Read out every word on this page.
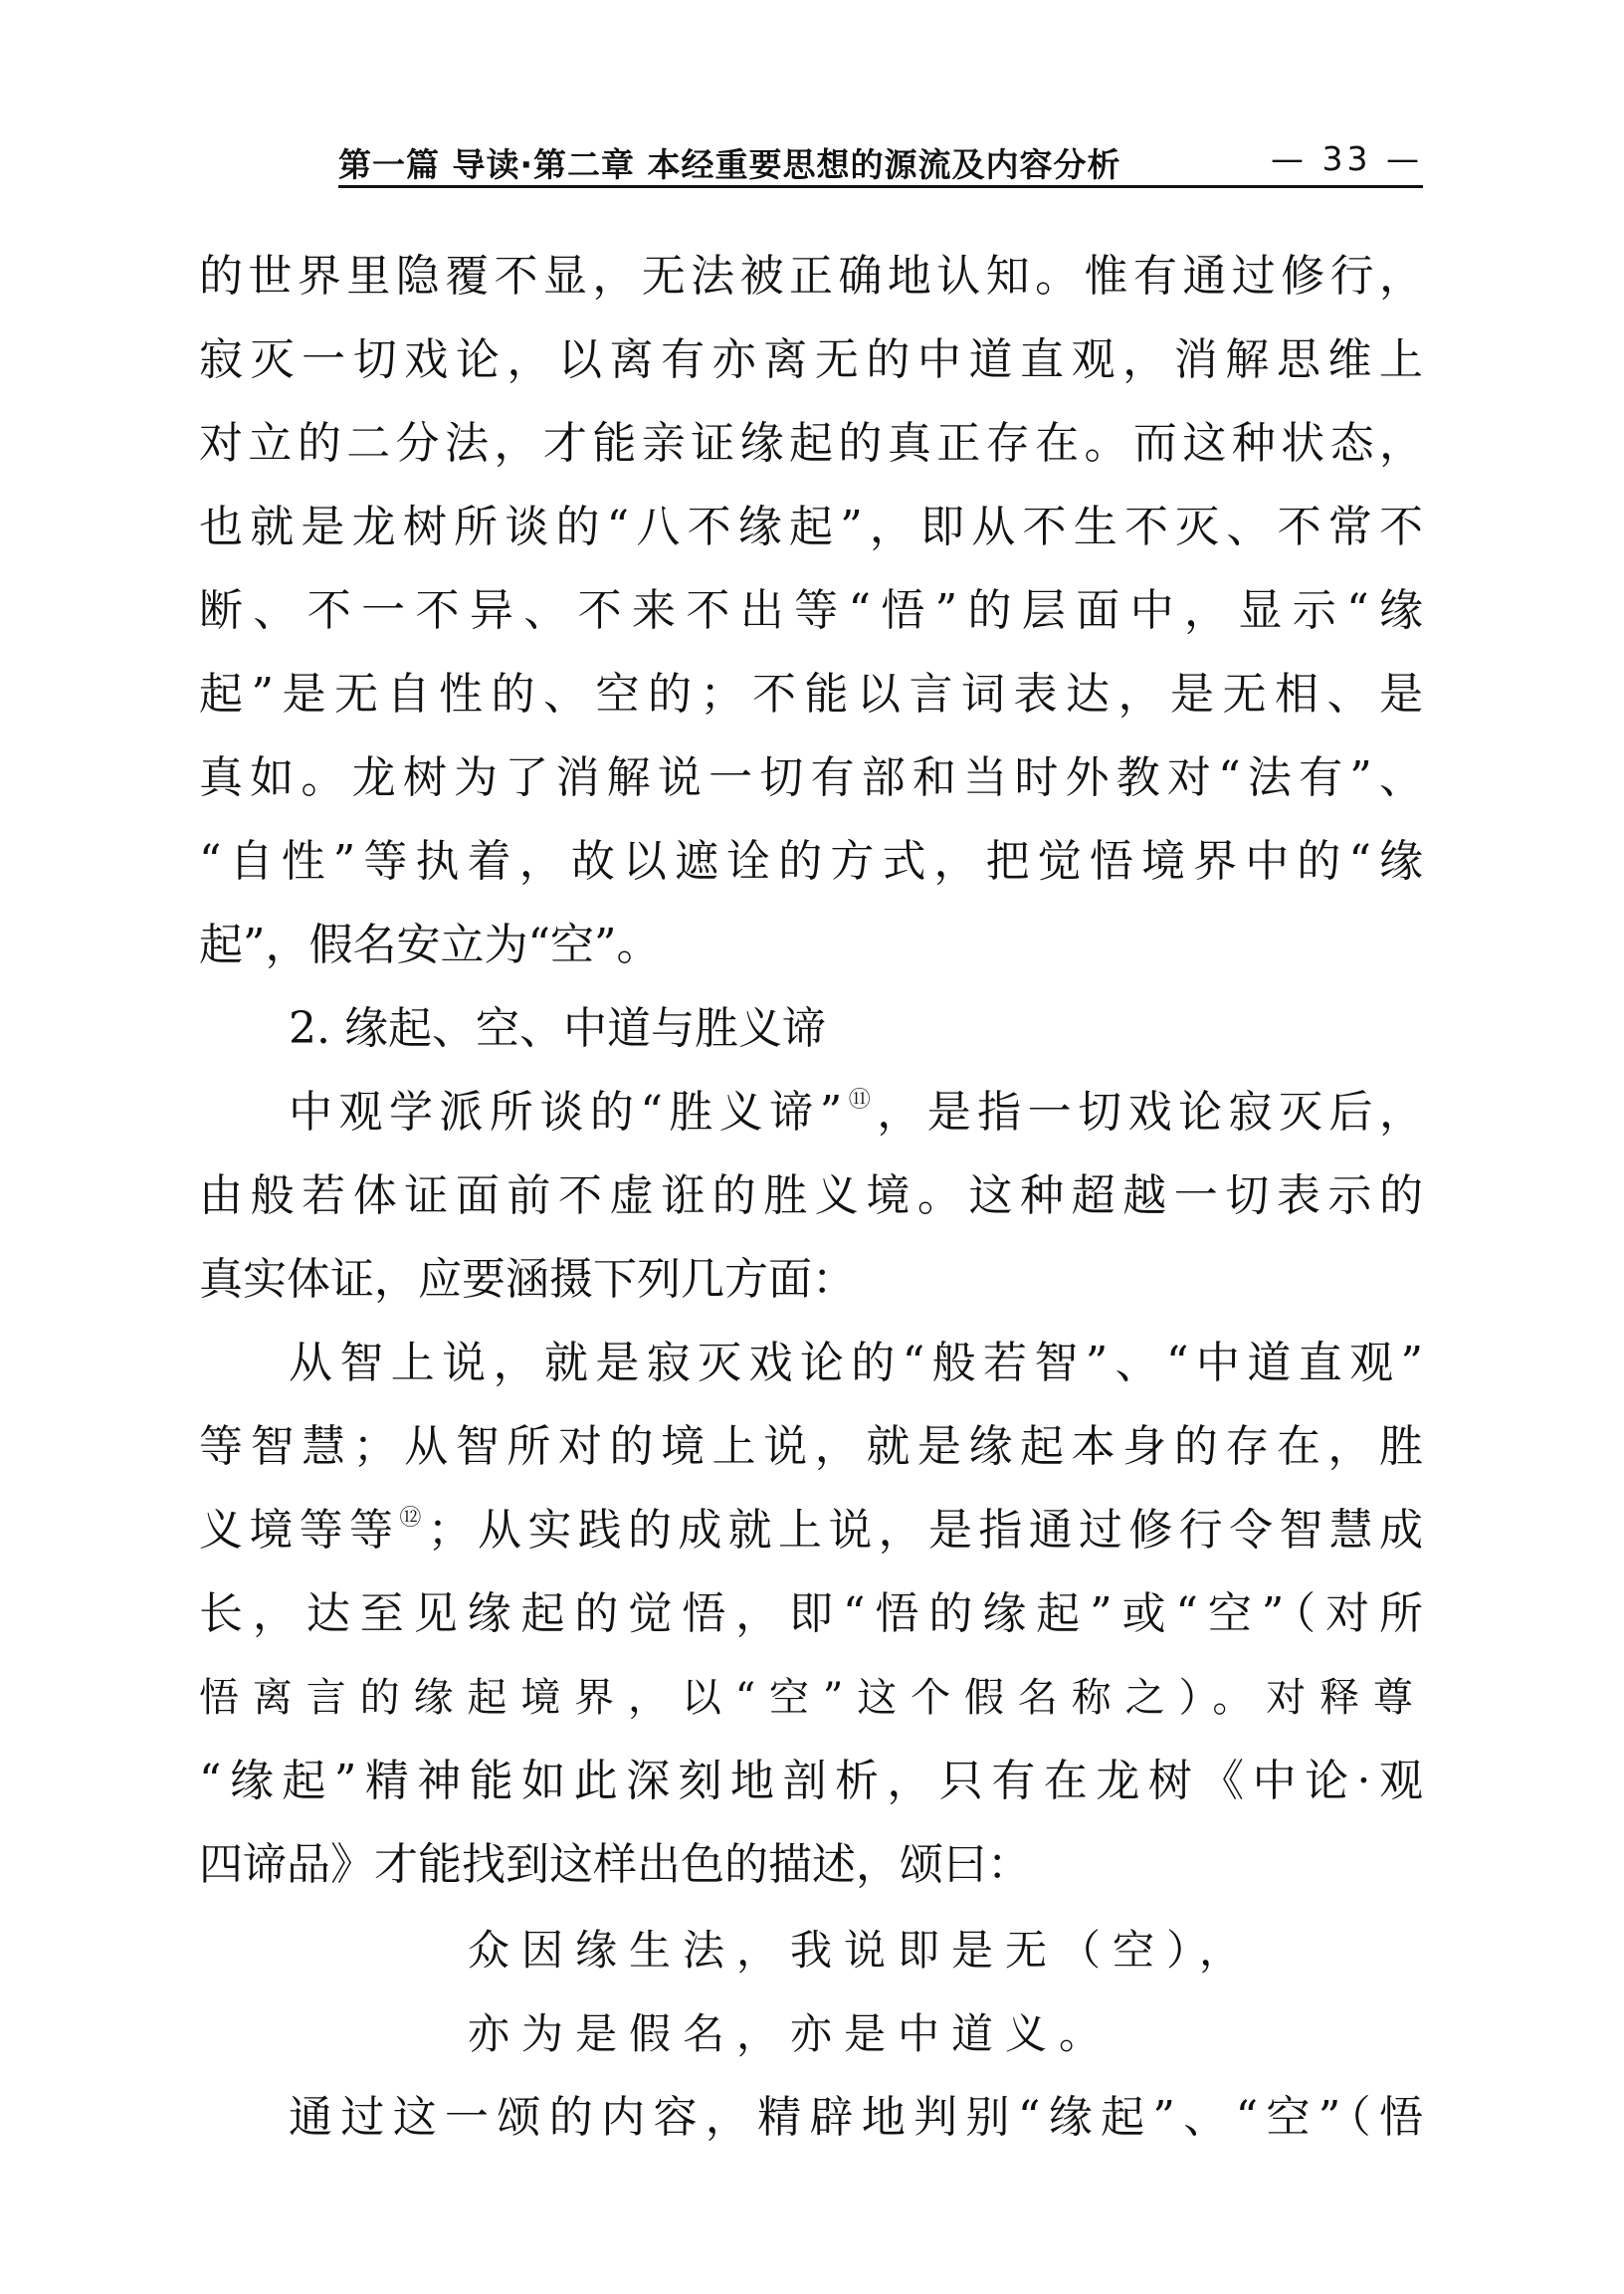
第一篇 导读·第二章 本经重要思想的源流及内容分析	— 33 —
的世界里隐覆不显，无法被正确地认知。惟有通过修行，
寂灭一切戏论，以离有亦离无的中道直观，消解思维上
对立的二分法，才能亲证缘起的真正存在。而这种状态，
也就是龙树所谈的“八不缘起”，即从不生不灭、不常不
断、不一不异、不来不出等“悟”的层面中，显示“缘
起”是无自性的、空的；不能以言词表达，是无相、是
真如。龙树为了消解说一切有部和当时外教对“法有”、
“自性”等执着，故以遮诠的方式，把觉悟境界中的“缘
起”，假名安立为“空”。
2. 缘起、空、中道与胜义谛
中观学派所谈的“胜义谛”⑪，是指一切戏论寂灭后，
由般若体证面前不虚诳的胜义境。这种超越一切表示的
真实体证，应要涵摄下列几方面：
从智上说，就是寂灭戏论的“般若智”、“中道直观”
等智慧；从智所对的境上说，就是缘起本身的存在，胜
义境等等⑫；从实践的成就上说，是指通过修行令智慧成
长，达至见缘起的觉悟，即“悟的缘起”或“空”（对所
悟离言的缘起境界，以“空”这个假名称之）。对释尊
“缘起”精神能如此深刻地剖析，只有在龙树《中论·观
四谛品》才能找到这样出色的描述，颂曰：
众因缘生法，我说即是无（空），
亦为是假名，亦是中道义。
通过这一颂的内容，精辟地判别“缘起”、“空”（悟
